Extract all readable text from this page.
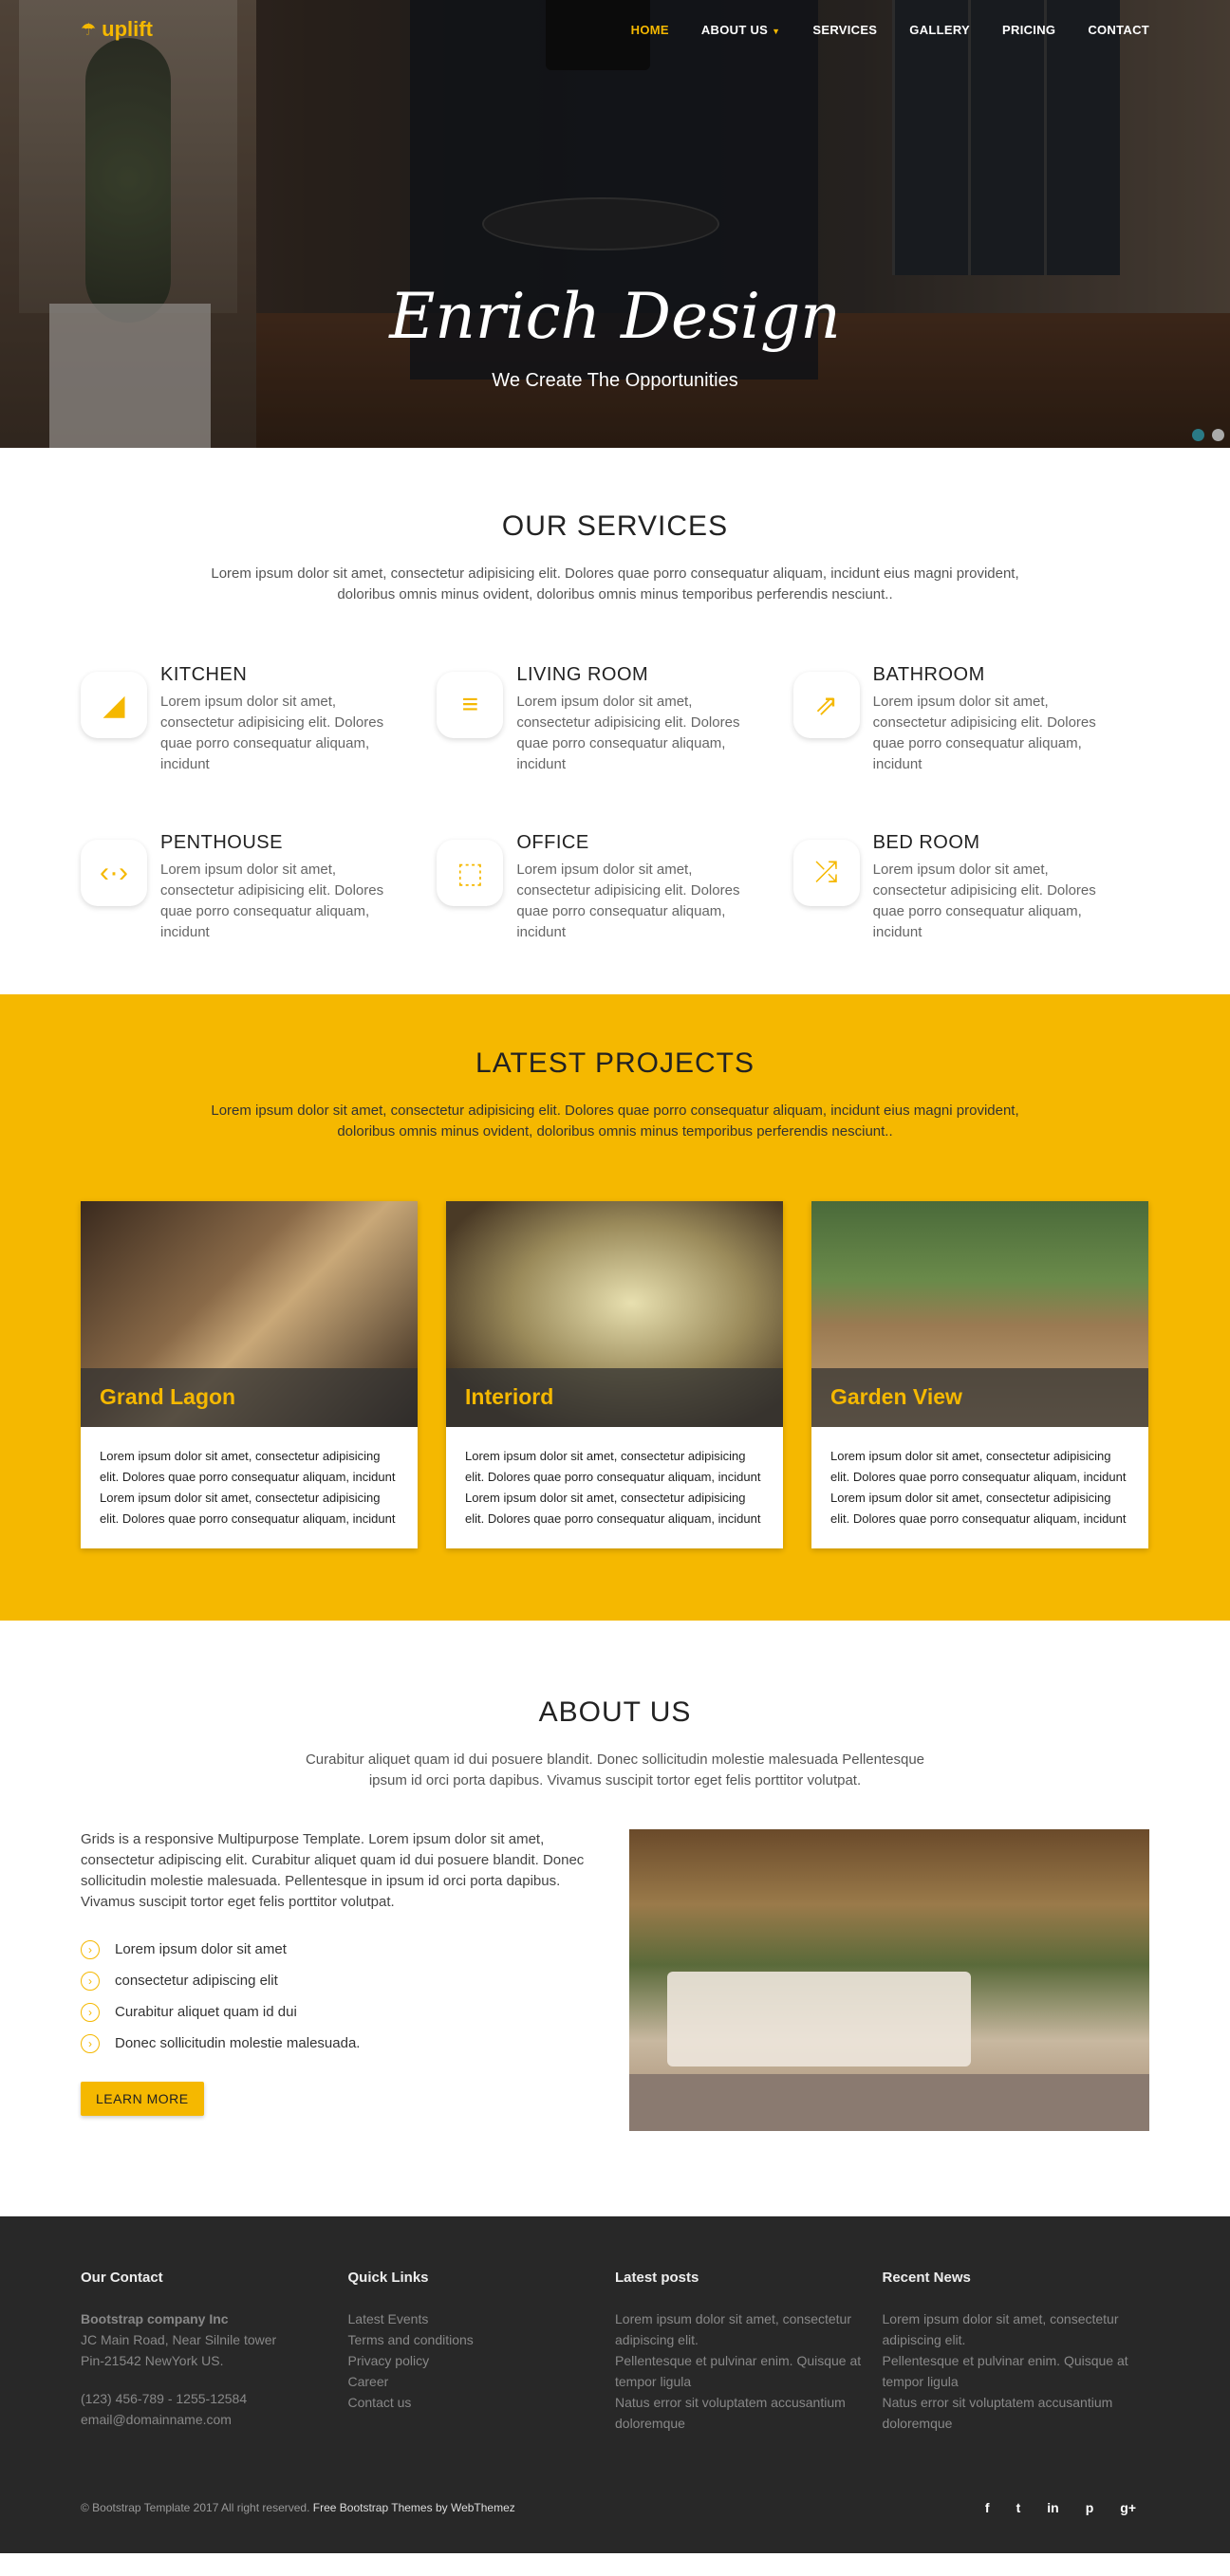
☂ uplift	HOME	ABOUT US ▼	SERVICES	GALLERY	PRICING	CONTACT
Enrich Design

We Create The Opportunities

OUR SERVICES

Lorem ipsum dolor sit amet, consectetur adipisicing elit. Dolores quae porro consequatur aliquam, incidunt eius magni provident, doloribus omnis minus ovident, doloribus omnis minus temporibus perferendis nesciunt..

◢
KITCHEN

Lorem ipsum dolor sit amet, consectetur adipisicing elit. Dolores quae porro consequatur aliquam, incidunt

≡
LIVING ROOM

Lorem ipsum dolor sit amet, consectetur adipisicing elit. Dolores quae porro consequatur aliquam, incidunt

⇗
BATHROOM

Lorem ipsum dolor sit amet, consectetur adipisicing elit. Dolores quae porro consequatur aliquam, incidunt

‹·›
PENTHOUSE

Lorem ipsum dolor sit amet, consectetur adipisicing elit. Dolores quae porro consequatur aliquam, incidunt

⬚
OFFICE

Lorem ipsum dolor sit amet, consectetur adipisicing elit. Dolores quae porro consequatur aliquam, incidunt

⤮
BED ROOM

Lorem ipsum dolor sit amet, consectetur adipisicing elit. Dolores quae porro consequatur aliquam, incidunt

LATEST PROJECTS

Lorem ipsum dolor sit amet, consectetur adipisicing elit. Dolores quae porro consequatur aliquam, incidunt eius magni provident, doloribus omnis minus ovident, doloribus omnis minus temporibus perferendis nesciunt..

Grand Lagon
Lorem ipsum dolor sit amet, consectetur adipisicing elit. Dolores quae porro consequatur aliquam, incidunt Lorem ipsum dolor sit amet, consectetur adipisicing elit. Dolores quae porro consequatur aliquam, incidunt
Interiord
Lorem ipsum dolor sit amet, consectetur adipisicing elit. Dolores quae porro consequatur aliquam, incidunt Lorem ipsum dolor sit amet, consectetur adipisicing elit. Dolores quae porro consequatur aliquam, incidunt
Garden View
Lorem ipsum dolor sit amet, consectetur adipisicing elit. Dolores quae porro consequatur aliquam, incidunt Lorem ipsum dolor sit amet, consectetur adipisicing elit. Dolores quae porro consequatur aliquam, incidunt
ABOUT US

Curabitur aliquet quam id dui posuere blandit. Donec sollicitudin molestie malesuada Pellentesque ipsum id orci porta dapibus. Vivamus suscipit tortor eget felis porttitor volutpat.

Grids is a responsive Multipurpose Template. Lorem ipsum dolor sit amet, consectetur adipiscing elit. Curabitur aliquet quam id dui posuere blandit. Donec sollicitudin molestie malesuada. Pellentesque in ipsum id orci porta dapibus. Vivamus suscipit tortor eget felis porttitor volutpat.

›	Lorem ipsum dolor sit amet
›	consectetur adipiscing elit
›	Curabitur aliquet quam id dui
›	Donec sollicitudin molestie malesuada.
LEARN MORE
Our Contact

Bootstrap company Inc

JC Main Road, Near Silnile tower

Pin-21542 NewYork US.

(123) 456-789 - 1255-12584

email@domainname.com
Quick Links
Latest Events
Terms and conditions
Privacy policy
Career
Contact us
Latest posts
Lorem ipsum dolor sit amet, consectetur adipiscing elit.
Pellentesque et pulvinar enim. Quisque at tempor ligula
Natus error sit voluptatem accusantium doloremque
Recent News
Lorem ipsum dolor sit amet, consectetur adipiscing elit.
Pellentesque et pulvinar enim. Quisque at tempor ligula
Natus error sit voluptatem accusantium doloremque
© Bootstrap Template 2017 All right reserved. Free Bootstrap Themes by WebThemez	f t in p g+
